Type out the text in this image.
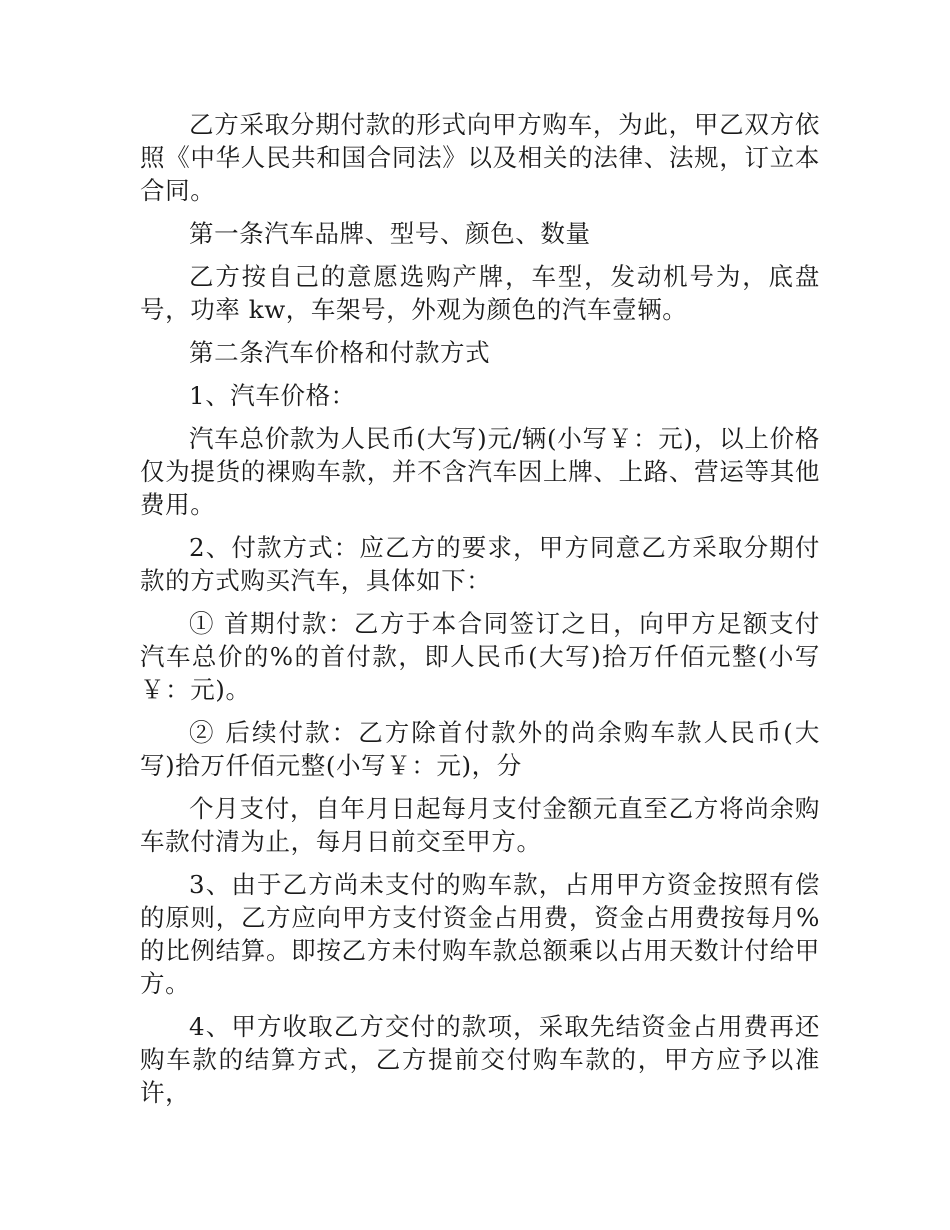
乙方采取分期付款的形式向甲方购车，为此，甲乙双方依照《中华人民共和国合同法》以及相关的法律、法规，订立本合同。

第一条汽车品牌、型号、颜色、数量

乙方按自己的意愿选购产牌，车型，发动机号为，底盘号，功率 kw，车架号，外观为颜色的汽车壹辆。

第二条汽车价格和付款方式

1、汽车价格：

汽车总价款为人民币(大写)元/辆(小写￥：元)，以上价格仅为提货的裸购车款，并不含汽车因上牌、上路、营运等其他费用。

2、付款方式：应乙方的要求，甲方同意乙方采取分期付款的方式购买汽车，具体如下：

① 首期付款：乙方于本合同签订之日，向甲方足额支付汽车总价的%的首付款，即人民币(大写)拾万仟佰元整(小写￥：元)。

② 后续付款：乙方除首付款外的尚余购车款人民币(大写)拾万仟佰元整(小写￥：元)，分

个月支付，自年月日起每月支付金额元直至乙方将尚余购车款付清为止，每月日前交至甲方。

3、由于乙方尚未支付的购车款，占用甲方资金按照有偿的原则，乙方应向甲方支付资金占用费，资金占用费按每月%的比例结算。即按乙方未付购车款总额乘以占用天数计付给甲方。

4、甲方收取乙方交付的款项，采取先结资金占用费再还购车款的结算方式，乙方提前交付购车款的，甲方应予以准许，
